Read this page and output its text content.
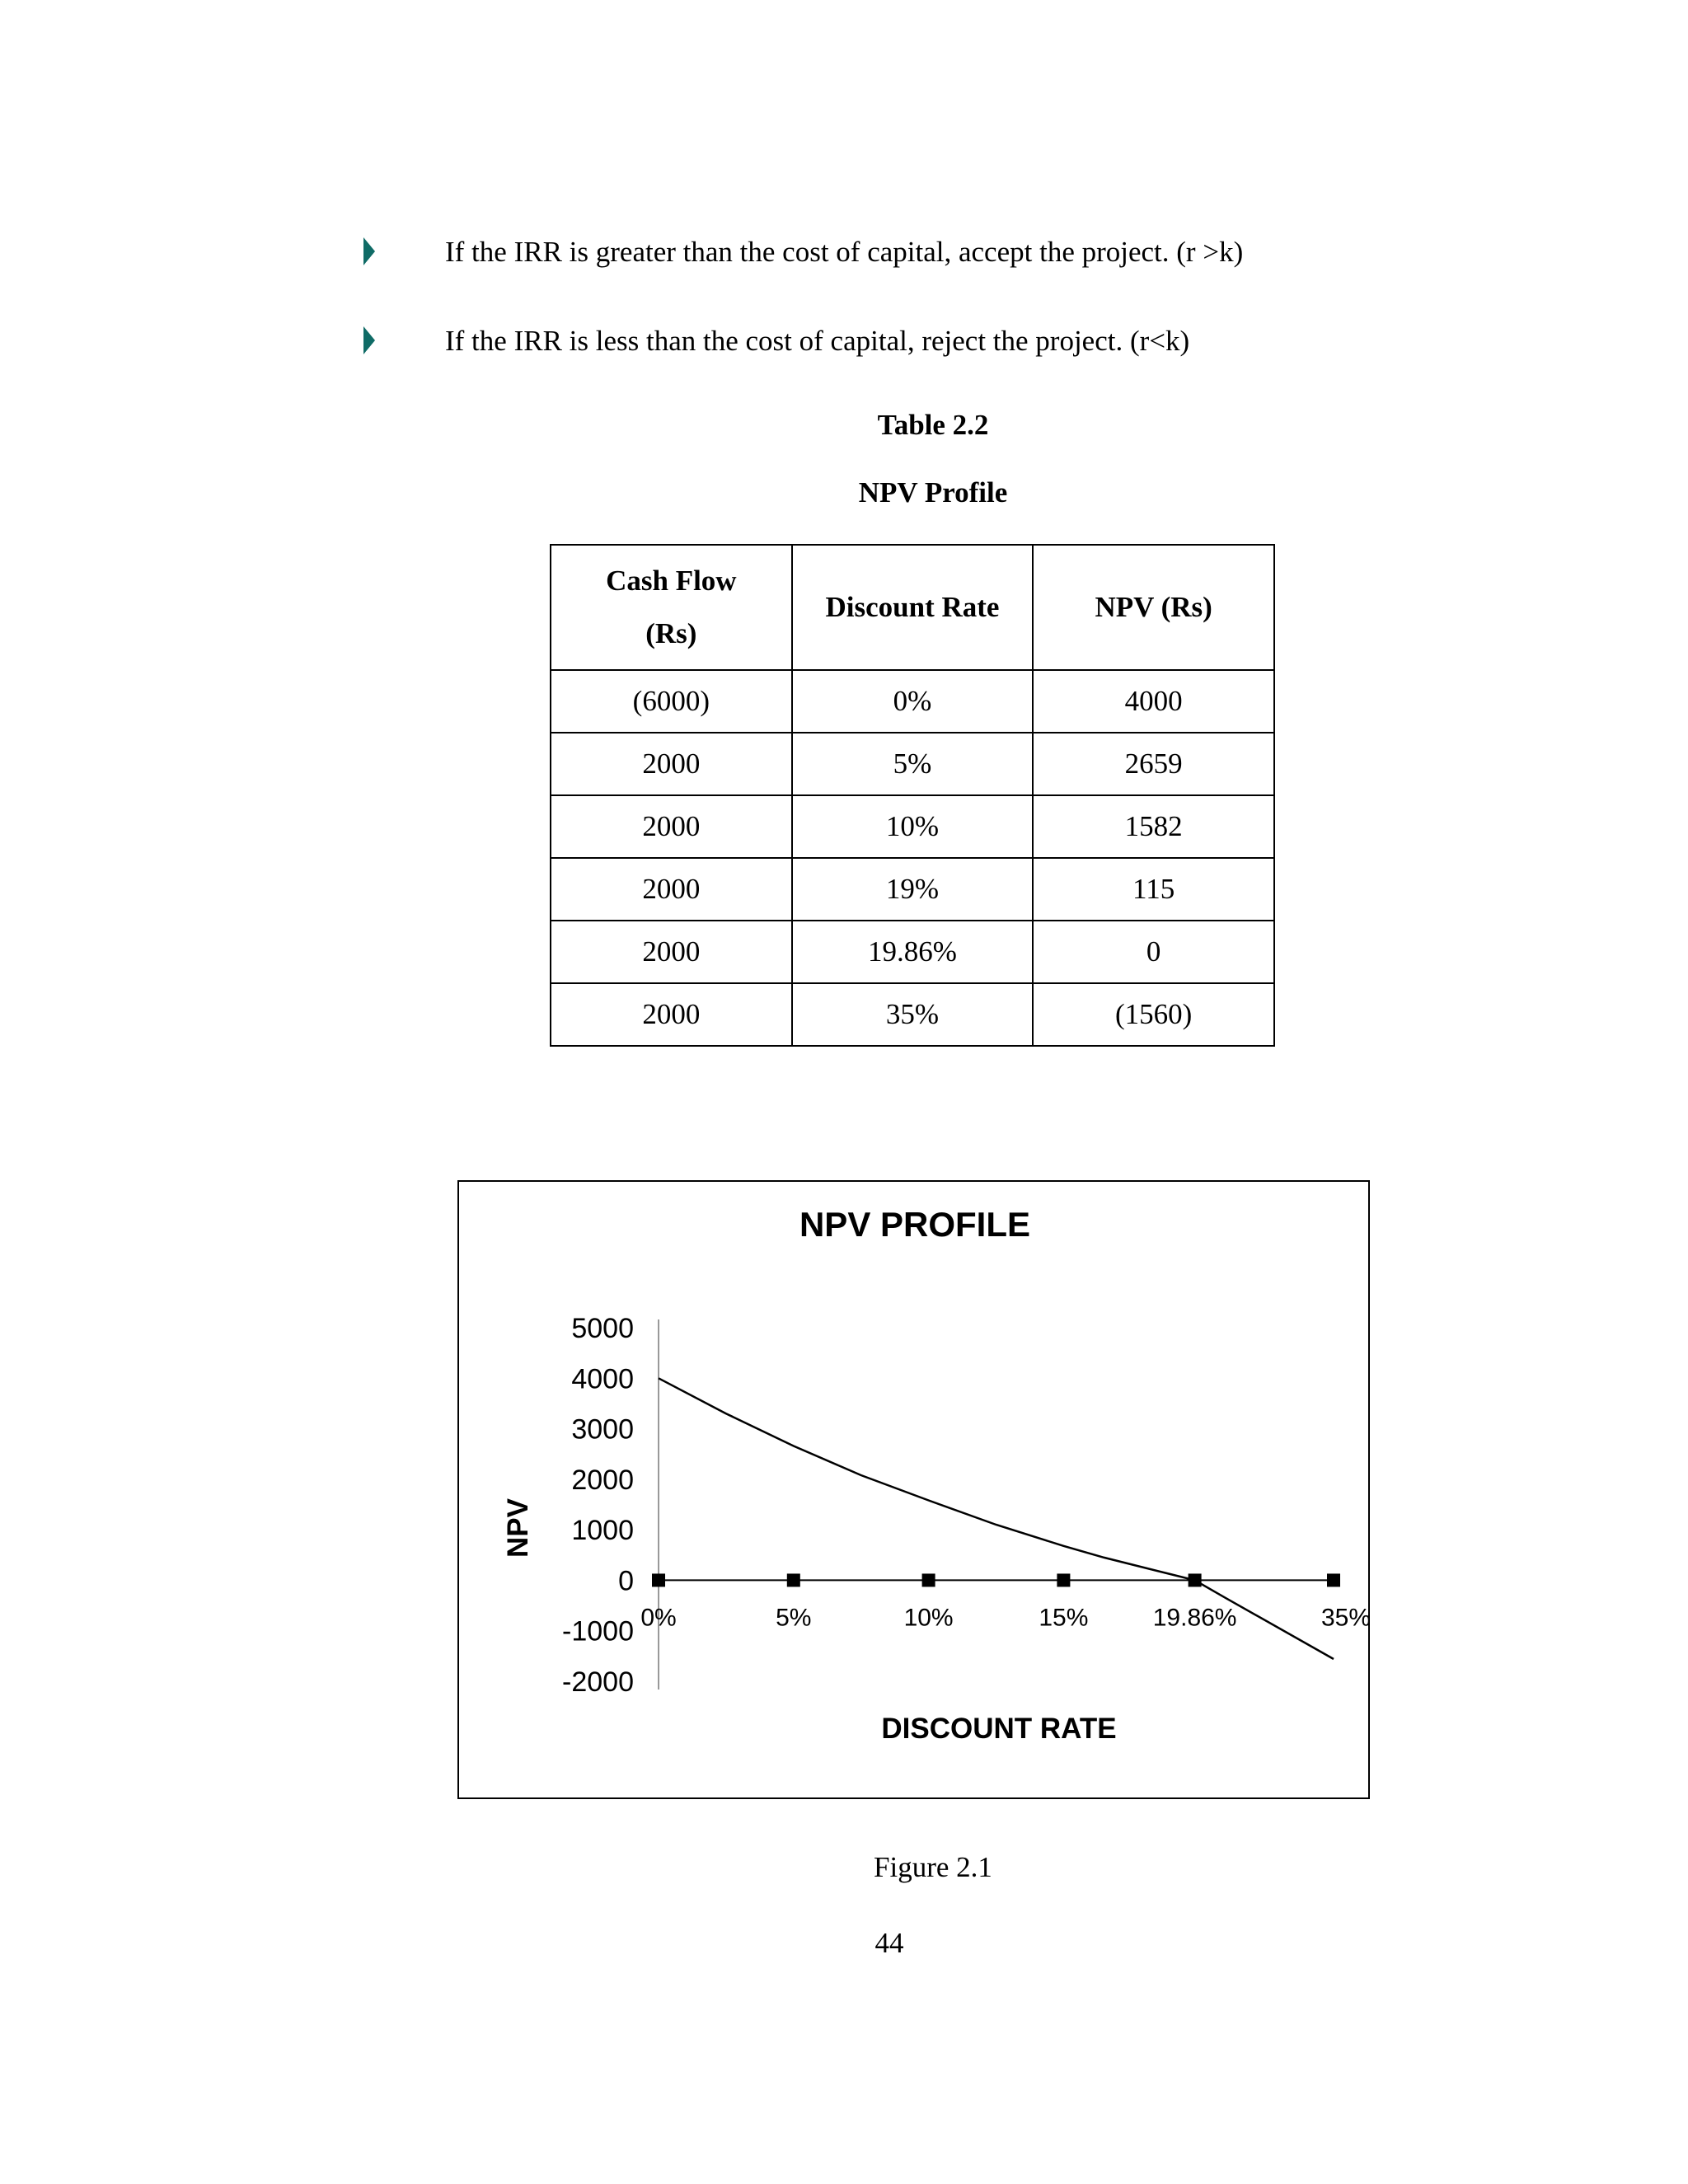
If the IRR is greater than the cost of capital, accept the project. (r >k)
If the IRR is less than the cost of capital, reject the project. (r<k)
Table 2.2
NPV Profile
Cash Flow
(Rs)	Discount Rate	NPV (Rs)
(6000)	0%	4000
2000	5%	2659
2000	10%	1582
2000	19%	115
2000	19.86%	0
2000	35%	(1560)
NPV PROFILE
NPV
DISCOUNT RATE
5000
4000
3000
2000
1000
0
-1000
-2000
0%	5%	10%	15%	19.86%	35%
Figure 2.1
44
